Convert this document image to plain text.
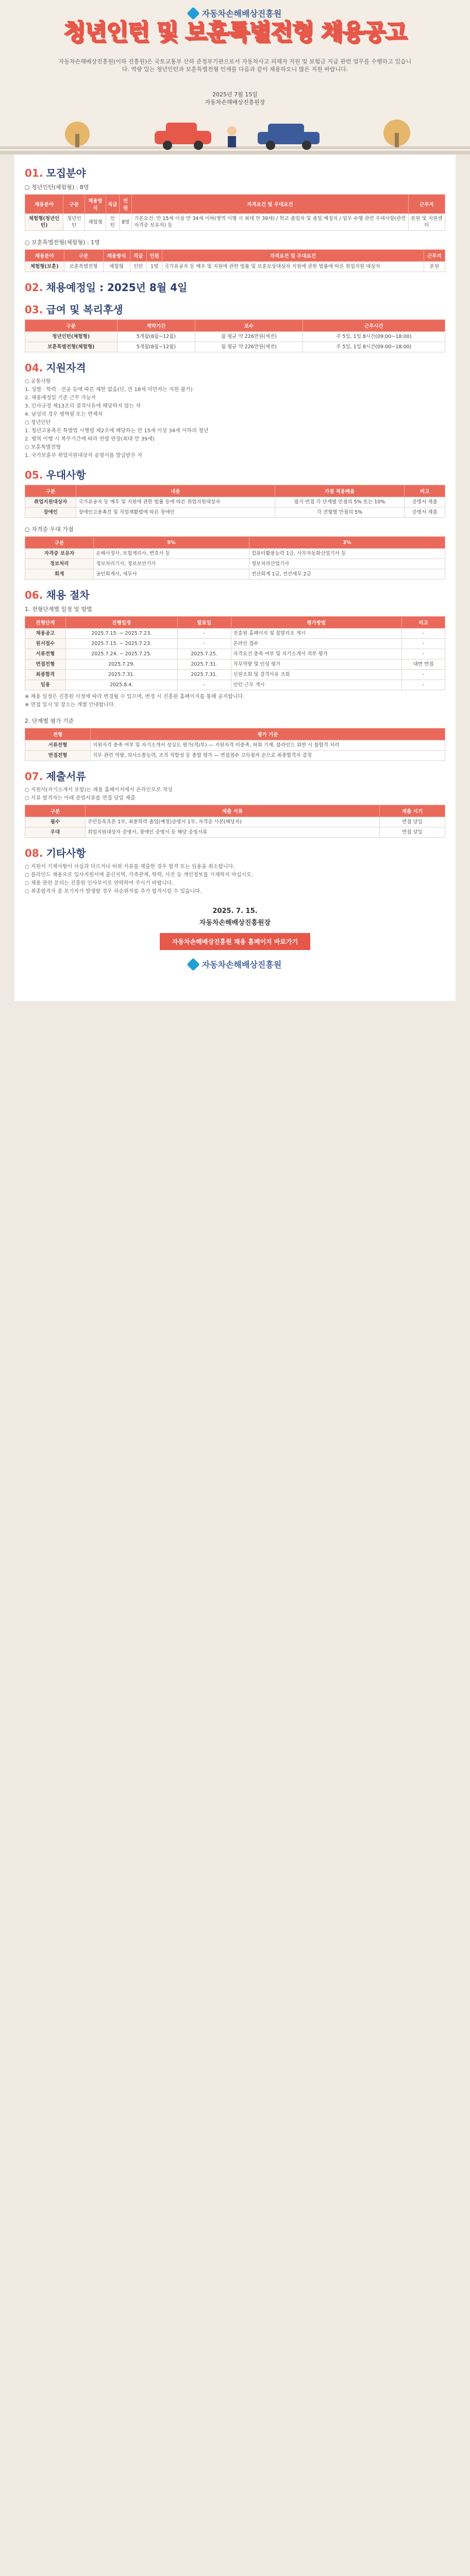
자동차손해배상진흥원
청년인턴 및 보훈특별전형 채용공고
자동차손해배상진흥원(이하 진흥원)은 국토교통부 산하 준정부기관으로서 자동차사고 피해자 지원 및 보험금 지급 관련 업무를 수행하고 있습니다. 역량 있는 청년인턴과 보훈특별전형 인재를 다음과 같이 채용하오니 많은 지원 바랍니다.
2025년 7월 15일
자동차손해배상진흥원장
01. 모집분야
○ 청년인턴(체험형) : 8명
채용분야	구분	채용방식	직급	인원	자격요건 및 우대요건	근무지
체험형(청년인턴)	청년인턴	체험형	인턴	8명	기본요건: 만 15세 이상 만 34세 이하(병역 이행 시 최대 만 39세) / 학교 졸업자 및 졸업 예정자 / 업무 수행 관련 우대사항(관련 자격증 보유자) 등	본원 및 지원센터
○ 보훈특별전형(체험형) : 1명
채용분야	구분	채용방식	직급	인원	자격요건 및 우대요건	근무지
체험형(보훈)	보훈특별전형	체험형	인턴	1명	국가유공자 등 예우 및 지원에 관한 법률 및 보훈보상대상자 지원에 관한 법률에 따른 취업지원 대상자	본원
02. 채용예정일 : 2025년 8월 4일
03. 급여 및 복리후생
구분	계약기간	보수	근무시간
청년인턴(체험형)	5개월(8월~12월)	월 평균 약 226만원(세전)	주 5일, 1일 8시간(09:00~18:00)
보훈특별전형(체험형)	5개월(8월~12월)	월 평균 약 226만원(세전)	주 5일, 1일 8시간(09:00~18:00)
04. 지원자격

○ 공통사항

1. 성별 · 학력 · 전공 등에 따른 제한 없음(단, 만 18세 미만자는 지원 불가)

2. 채용예정일 기준 근무 가능자

3. 인사규정 제13조의 결격사유에 해당하지 않는 자

4. 남성의 경우 병역필 또는 면제자

○ 청년인턴

1. 청년고용촉진 특별법 시행령 제2조에 해당하는 만 15세 이상 34세 이하의 청년

2. 병역 이행 시 복무기간에 따라 연령 연장(최대 만 39세)

○ 보훈특별전형

1. 국가보훈부 취업지원대상자 증명서를 발급받은 자

05. 우대사항
구분	내용	가점 적용배율	비고
취업지원대상자	국가유공자 등 예우 및 지원에 관한 법률 등에 따른 취업지원대상자	필기·면접 각 단계별 만점의 5% 또는 10%	증명서 제출
장애인	장애인고용촉진 및 직업재활법에 따른 장애인	각 전형별 만점의 5%	증명서 제출
○ 자격증 우대 가점
구분	5%	3%
자격증 보유자	손해사정사, 보험계리사, 변호사 등	컴퓨터활용능력 1급, 사무자동화산업기사 등
정보처리	정보처리기사, 정보보안기사	정보처리산업기사
회계	공인회계사, 세무사	전산회계 1급, 전산세무 2급
06. 채용 절차
1. 전형단계별 일정 및 방법
전형단계	진행일정	발표일	평가방법	비고
채용공고	2025.7.15. ~ 2025.7.23.	-	진흥원 홈페이지 및 잡알리오 게시	-
원서접수	2025.7.15. ~ 2025.7.23.	-	온라인 접수	-
서류전형	2025.7.24. ~ 2025.7.25.	2025.7.25.	자격요건 충족 여부 및 자기소개서 적부 평가	-
면접전형	2025.7.29.	2025.7.31.	직무역량 및 인성 평가	대면 면접
최종합격	2025.7.31.	2025.7.31.	신원조회 및 결격사유 조회	-
임용	2025.8.4.	-	인턴 근무 개시	-

※ 채용 일정은 진흥원 사정에 따라 변경될 수 있으며, 변경 시 진흥원 홈페이지를 통해 공지합니다.

※ 면접 일시 및 장소는 개별 안내합니다.

2. 단계별 평가 기준
전형	평가 기준
서류전형	지원자격 충족 여부 및 자기소개서 성실도 평가(적/부) — 지원자격 미충족, 허위 기재, 블라인드 위반 시 불합격 처리
면접전형	직무 관련 역량, 의사소통능력, 조직 적합성 등 종합 평가 — 면접점수 고득점자 순으로 최종합격자 결정
07. 제출서류

○ 지원서(자기소개서 포함)는 채용 홈페이지에서 온라인으로 작성

○ 서류 합격자는 아래 증빙서류를 면접 당일 제출

구분	제출 서류	제출 시기
필수	주민등록초본 1부, 최종학력 졸업(예정)증명서 1부, 자격증 사본(해당자)	면접 당일
우대	취업지원대상자 증명서, 장애인 증명서 등 해당 증빙서류	면접 당일
08. 기타사항

○ 지원서 기재사항이 사실과 다르거나 허위 서류를 제출한 경우 합격 또는 임용을 취소합니다.

○ 블라인드 채용으로 입사지원서에 출신지역, 가족관계, 학력, 사진 등 개인정보를 기재하지 마십시오.

○ 채용 관련 문의는 진흥원 인사부서로 연락하여 주시기 바랍니다.

○ 최종합격자 중 포기자가 발생할 경우 차순위자를 추가 합격시킬 수 있습니다.

2025. 7. 15.
자동차손해배상진흥원장
자동차손해배상진흥원 채용 홈페이지 바로가기
자동차손해배상진흥원
